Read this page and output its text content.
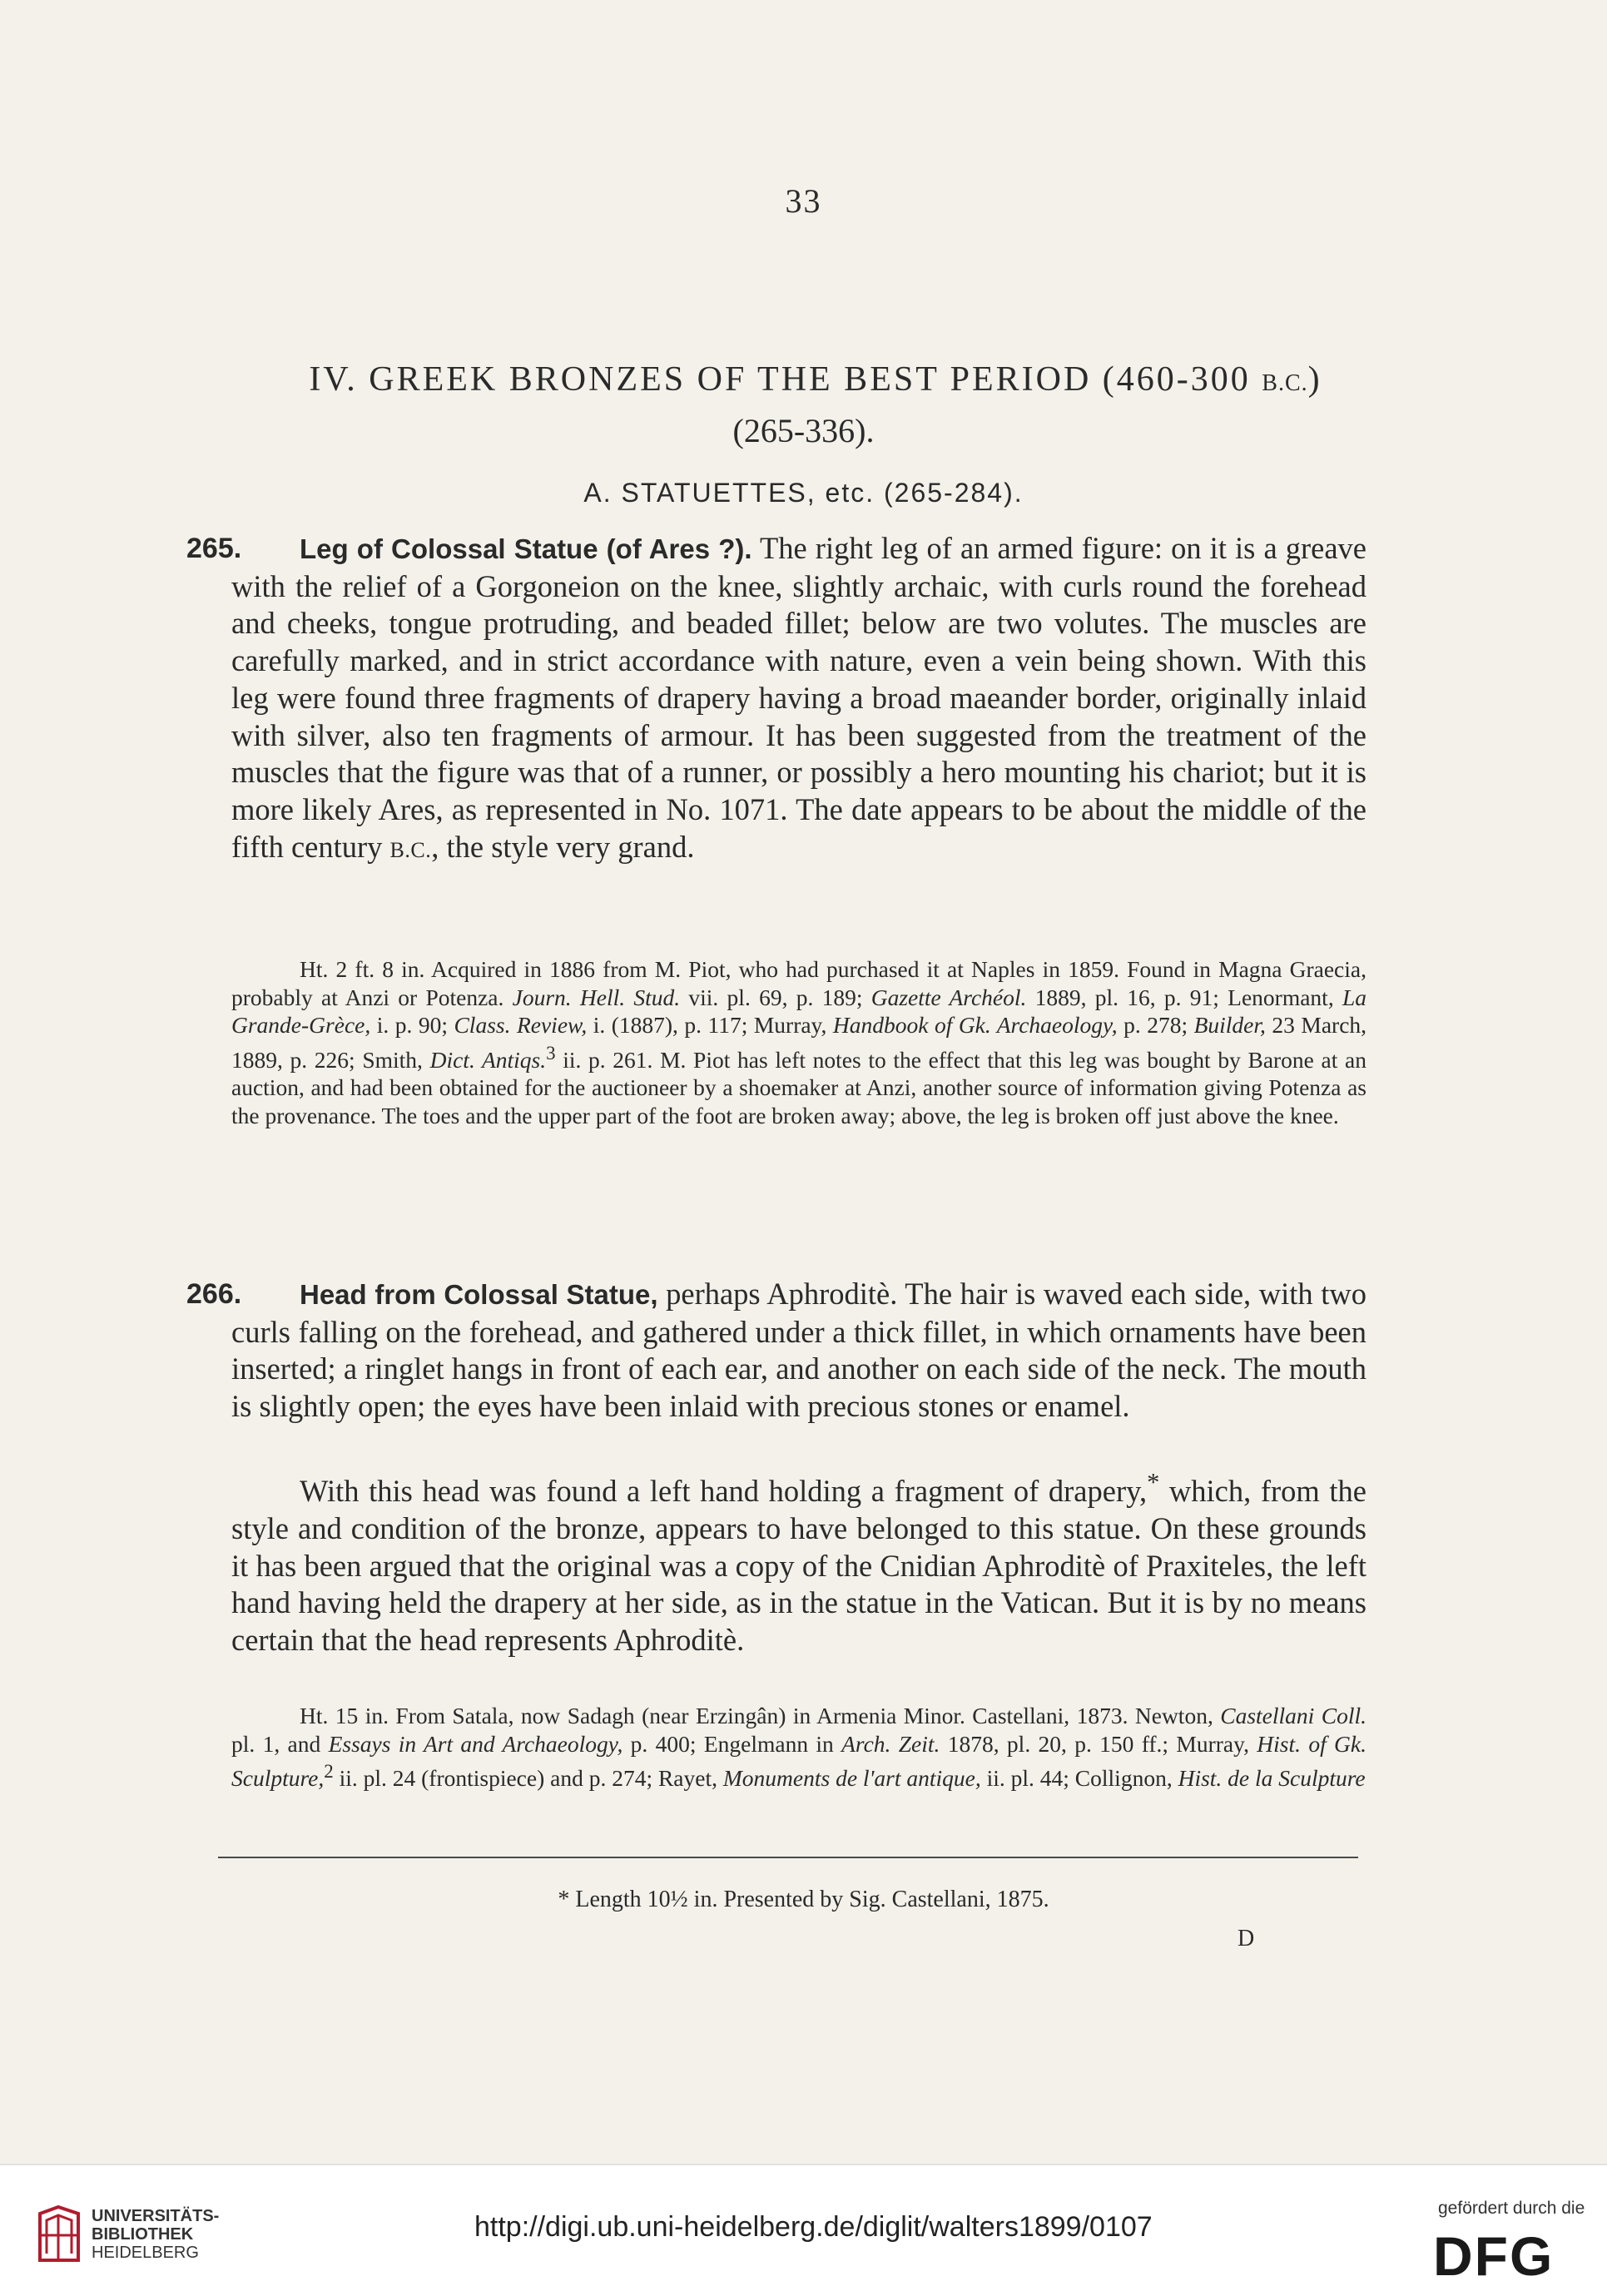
33
IV. GREEK BRONZES OF THE BEST PERIOD (460-300 B.C.)
(265-336).
A. STATUETTES, etc. (265-284).
265. Leg of Colossal Statue (of Ares ?). The right leg of an armed figure: on it is a greave with the relief of a Gorgoneion on the knee, slightly archaic, with curls round the forehead and cheeks, tongue protruding, and beaded fillet; below are two volutes. The muscles are carefully marked, and in strict accordance with nature, even a vein being shown. With this leg were found three fragments of drapery having a broad maeander border, originally inlaid with silver, also ten fragments of armour. It has been suggested from the treatment of the muscles that the figure was that of a runner, or possibly a hero mounting his chariot; but it is more likely Ares, as represented in No. 1071. The date appears to be about the middle of the fifth century B.C., the style very grand.
Ht. 2 ft. 8 in. Acquired in 1886 from M. Piot, who had purchased it at Naples in 1859. Found in Magna Graecia, probably at Anzi or Potenza. Journ. Hell. Stud. vii. pl. 69, p. 189; Gazette Archéol. 1889, pl. 16, p. 91; Lenormant, La Grande-Grèce, i. p. 90; Class. Review, i. (1887), p. 117; Murray, Handbook of Gk. Archaeology, p. 278; Builder, 23 March, 1889, p. 226; Smith, Dict. Antiqs.$^3$ ii. p. 261. M. Piot has left notes to the effect that this leg was bought by Barone at an auction, and had been obtained for the auctioneer by a shoemaker at Anzi, another source of information giving Potenza as the provenance. The toes and the upper part of the foot are broken away; above, the leg is broken off just above the knee.
266. Head from Colossal Statue, perhaps Aphroditè. The hair is waved each side, with two curls falling on the forehead, and gathered under a thick fillet, in which ornaments have been inserted; a ringlet hangs in front of each ear, and another on each side of the neck. The mouth is slightly open; the eyes have been inlaid with precious stones or enamel.
With this head was found a left hand holding a fragment of drapery,* which, from the style and condition of the bronze, appears to have belonged to this statue. On these grounds it has been argued that the original was a copy of the Cnidian Aphroditè of Praxiteles, the left hand having held the drapery at her side, as in the statue in the Vatican. But it is by no means certain that the head represents Aphroditè.
Ht. 15 in. From Satala, now Sadagh (near Erzingân) in Armenia Minor. Castellani, 1873. Newton, Castellani Coll. pl. 1, and Essays in Art and Archaeology, p. 400; Engelmann in Arch. Zeit. 1878, pl. 20, p. 150 ff.; Murray, Hist. of Gk. Sculpture,$^2$ ii. pl. 24 (frontispiece) and p. 274; Rayet, Monuments de l'art antique, ii. pl. 44; Collignon, Hist. de la Sculpture
* Length 10½ in. Presented by Sig. Castellani, 1875.
D
UNIVERSITÄTS-
BIBLIOTHEK
HEIDELBERG
http://digi.ub.uni-heidelberg.de/diglit/walters1899/0107
gefördert durch die
DFG
